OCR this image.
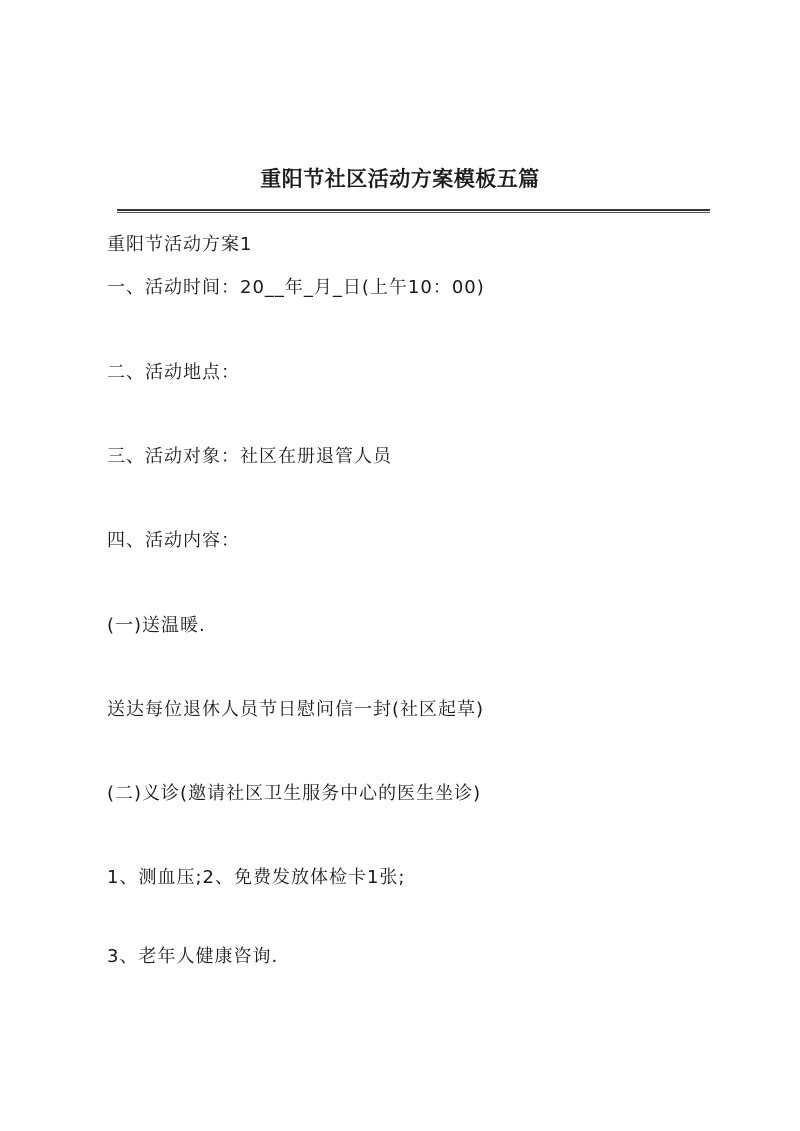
重阳节社区活动方案模板五篇
重阳节活动方案1
一、活动时间：20__年_月_日(上午10：00)
二、活动地点：
三、活动对象：社区在册退管人员
四、活动内容：
(一)送温暖.
送达每位退休人员节日慰问信一封(社区起草)
(二)义诊(邀请社区卫生服务中心的医生坐诊)
1、测血压;2、免费发放体检卡1张;
3、老年人健康咨询.
